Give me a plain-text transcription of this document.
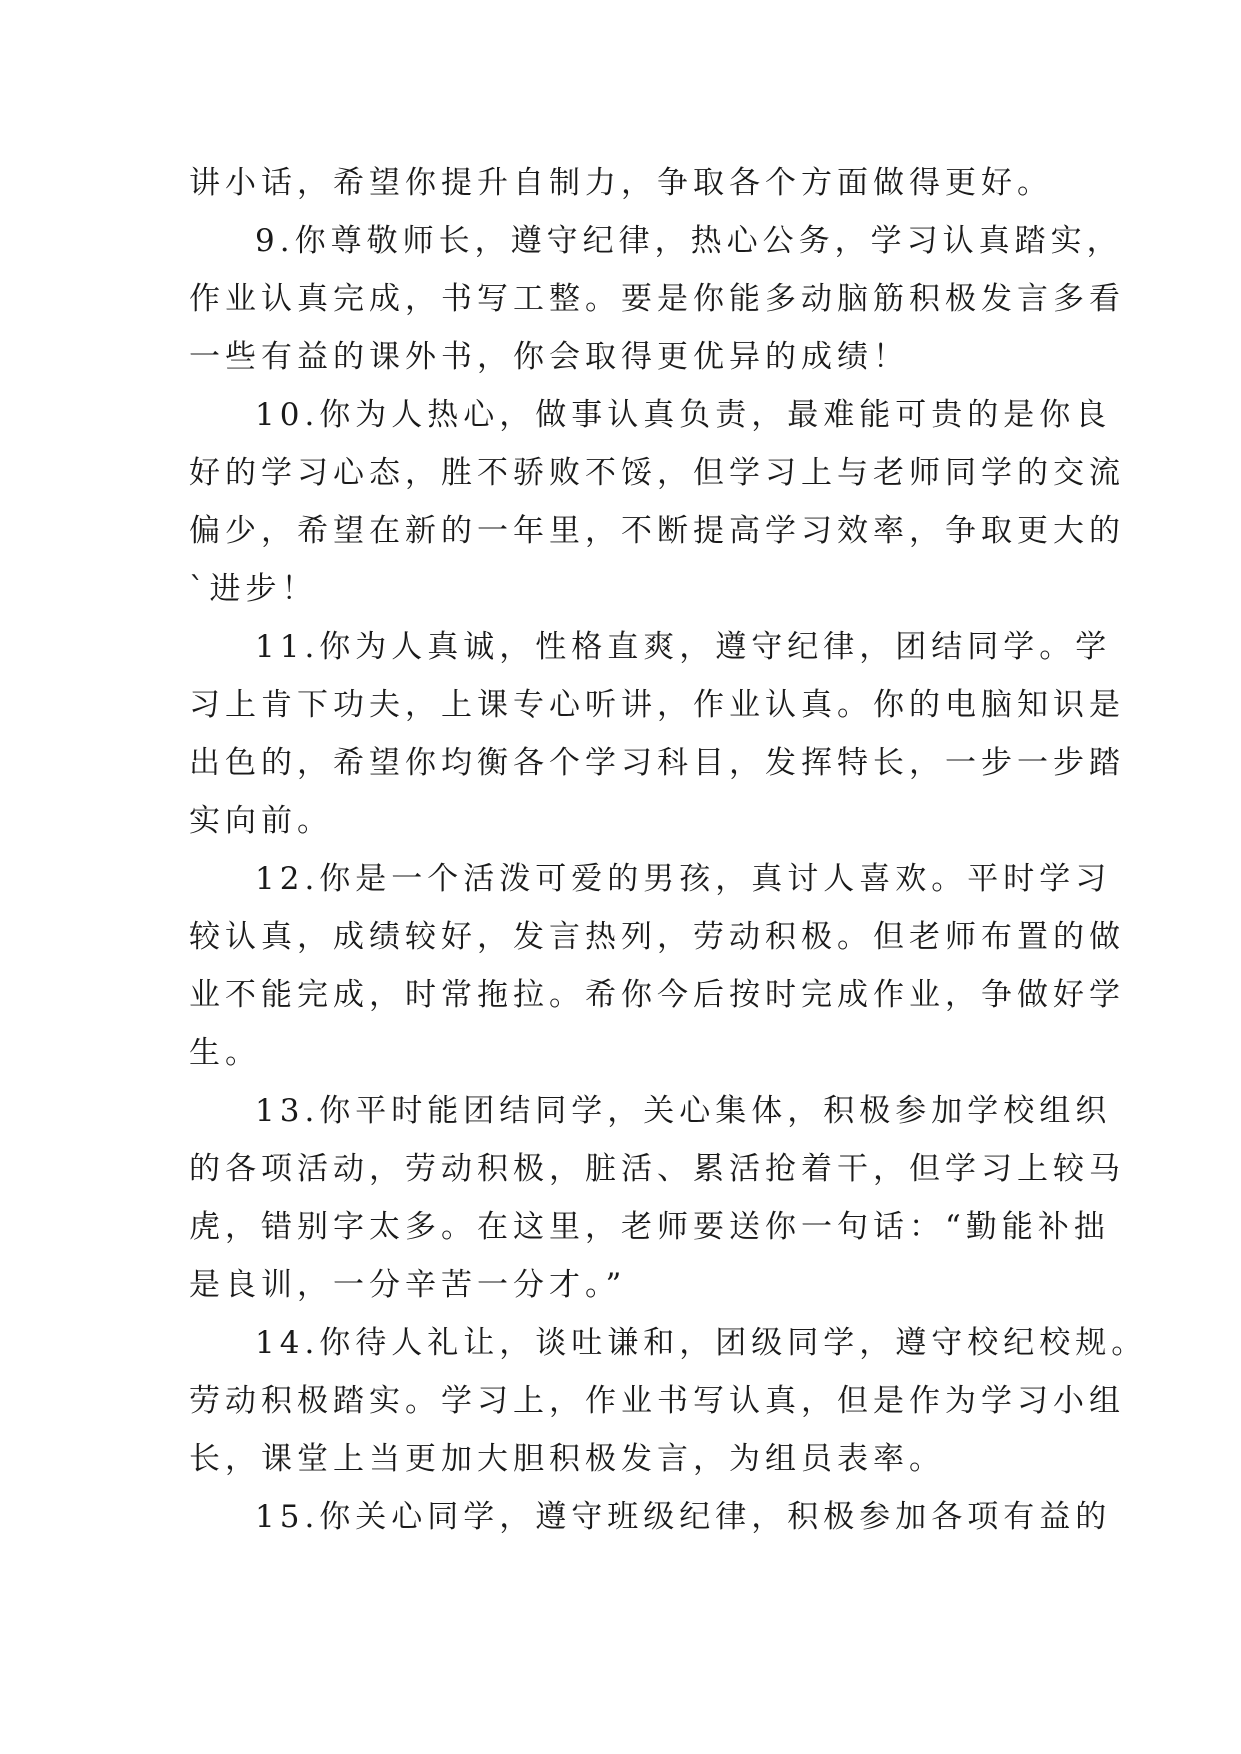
讲小话，希望你提升自制力，争取各个方面做得更好。
9.你尊敬师长，遵守纪律，热心公务，学习认真踏实，
作业认真完成，书写工整。要是你能多动脑筋积极发言多看
一些有益的课外书，你会取得更优异的成绩！
10.你为人热心，做事认真负责，最难能可贵的是你良
好的学习心态，胜不骄败不馁，但学习上与老师同学的交流
偏少，希望在新的一年里，不断提高学习效率，争取更大的
`进步！
11.你为人真诚，性格直爽，遵守纪律，团结同学。学
习上肯下功夫，上课专心听讲，作业认真。你的电脑知识是
出色的，希望你均衡各个学习科目，发挥特长，一步一步踏
实向前。
12.你是一个活泼可爱的男孩，真讨人喜欢。平时学习
较认真，成绩较好，发言热列，劳动积极。但老师布置的做
业不能完成，时常拖拉。希你今后按时完成作业，争做好学
生。
13.你平时能团结同学，关心集体，积极参加学校组织
的各项活动，劳动积极，脏活、累活抢着干，但学习上较马
虎，错别字太多。在这里，老师要送你一句话：“勤能补拙
是良训，一分辛苦一分才。”
14.你待人礼让，谈吐谦和，团级同学，遵守校纪校规。
劳动积极踏实。学习上，作业书写认真，但是作为学习小组
长，课堂上当更加大胆积极发言，为组员表率。
15.你关心同学，遵守班级纪律，积极参加各项有益的
